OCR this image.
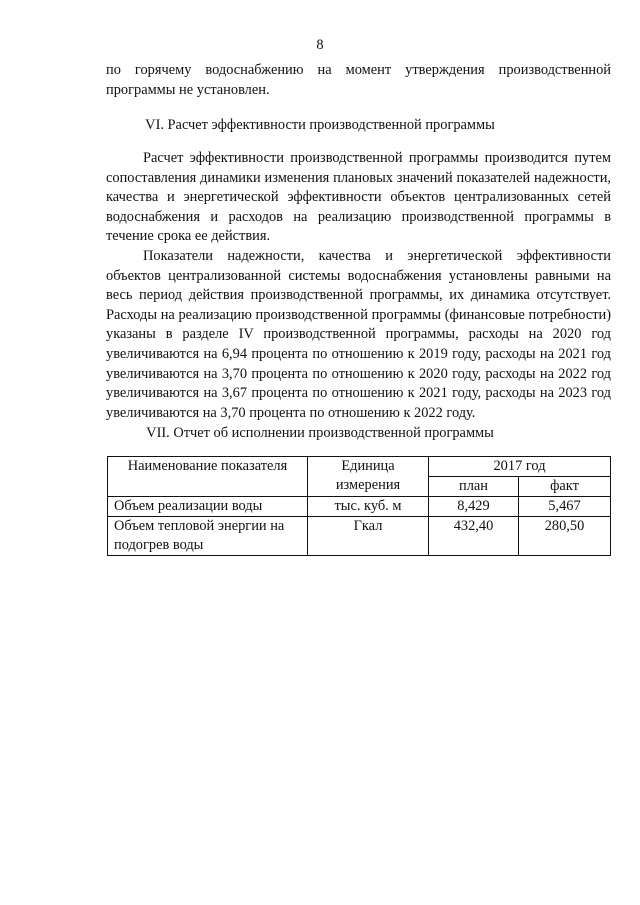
8

по горячему водоснабжению на момент утверждения производственной программы не установлен.

VI. Расчет эффективности производственной программы

Расчет эффективности производственной программы производится путем сопоставления динамики изменения плановых значений показателей надежности, качества и энергетической эффективности объектов централизованных сетей водоснабжения и расходов на реализацию производственной программы в течение срока ее действия.

Показатели надежности, качества и энергетической эффективности объектов централизованной системы водоснабжения установлены равными на весь период действия производственной программы, их динамика отсутствует. Расходы на реализацию производственной программы (финансовые потребности) указаны в разделе IV производственной программы, расходы на 2020 год увеличиваются на 6,94 процента по отношению к 2019 году, расходы на 2021 год увеличиваются на 3,70 процента по отношению к 2020 году, расходы на 2022 год увеличиваются на 3,67 процента по отношению к 2021 году, расходы на 2023 год увеличиваются на 3,70 процента по отношению к 2022 году.

VII. Отчет об исполнении производственной программы

Наименование показателя	Единица измерения	2017 год	
		план	факт
Объем реализации воды	тыс. куб. м	8,429	5,467
Объем тепловой энергии на подогрев воды	Гкал	432,40	280,50
